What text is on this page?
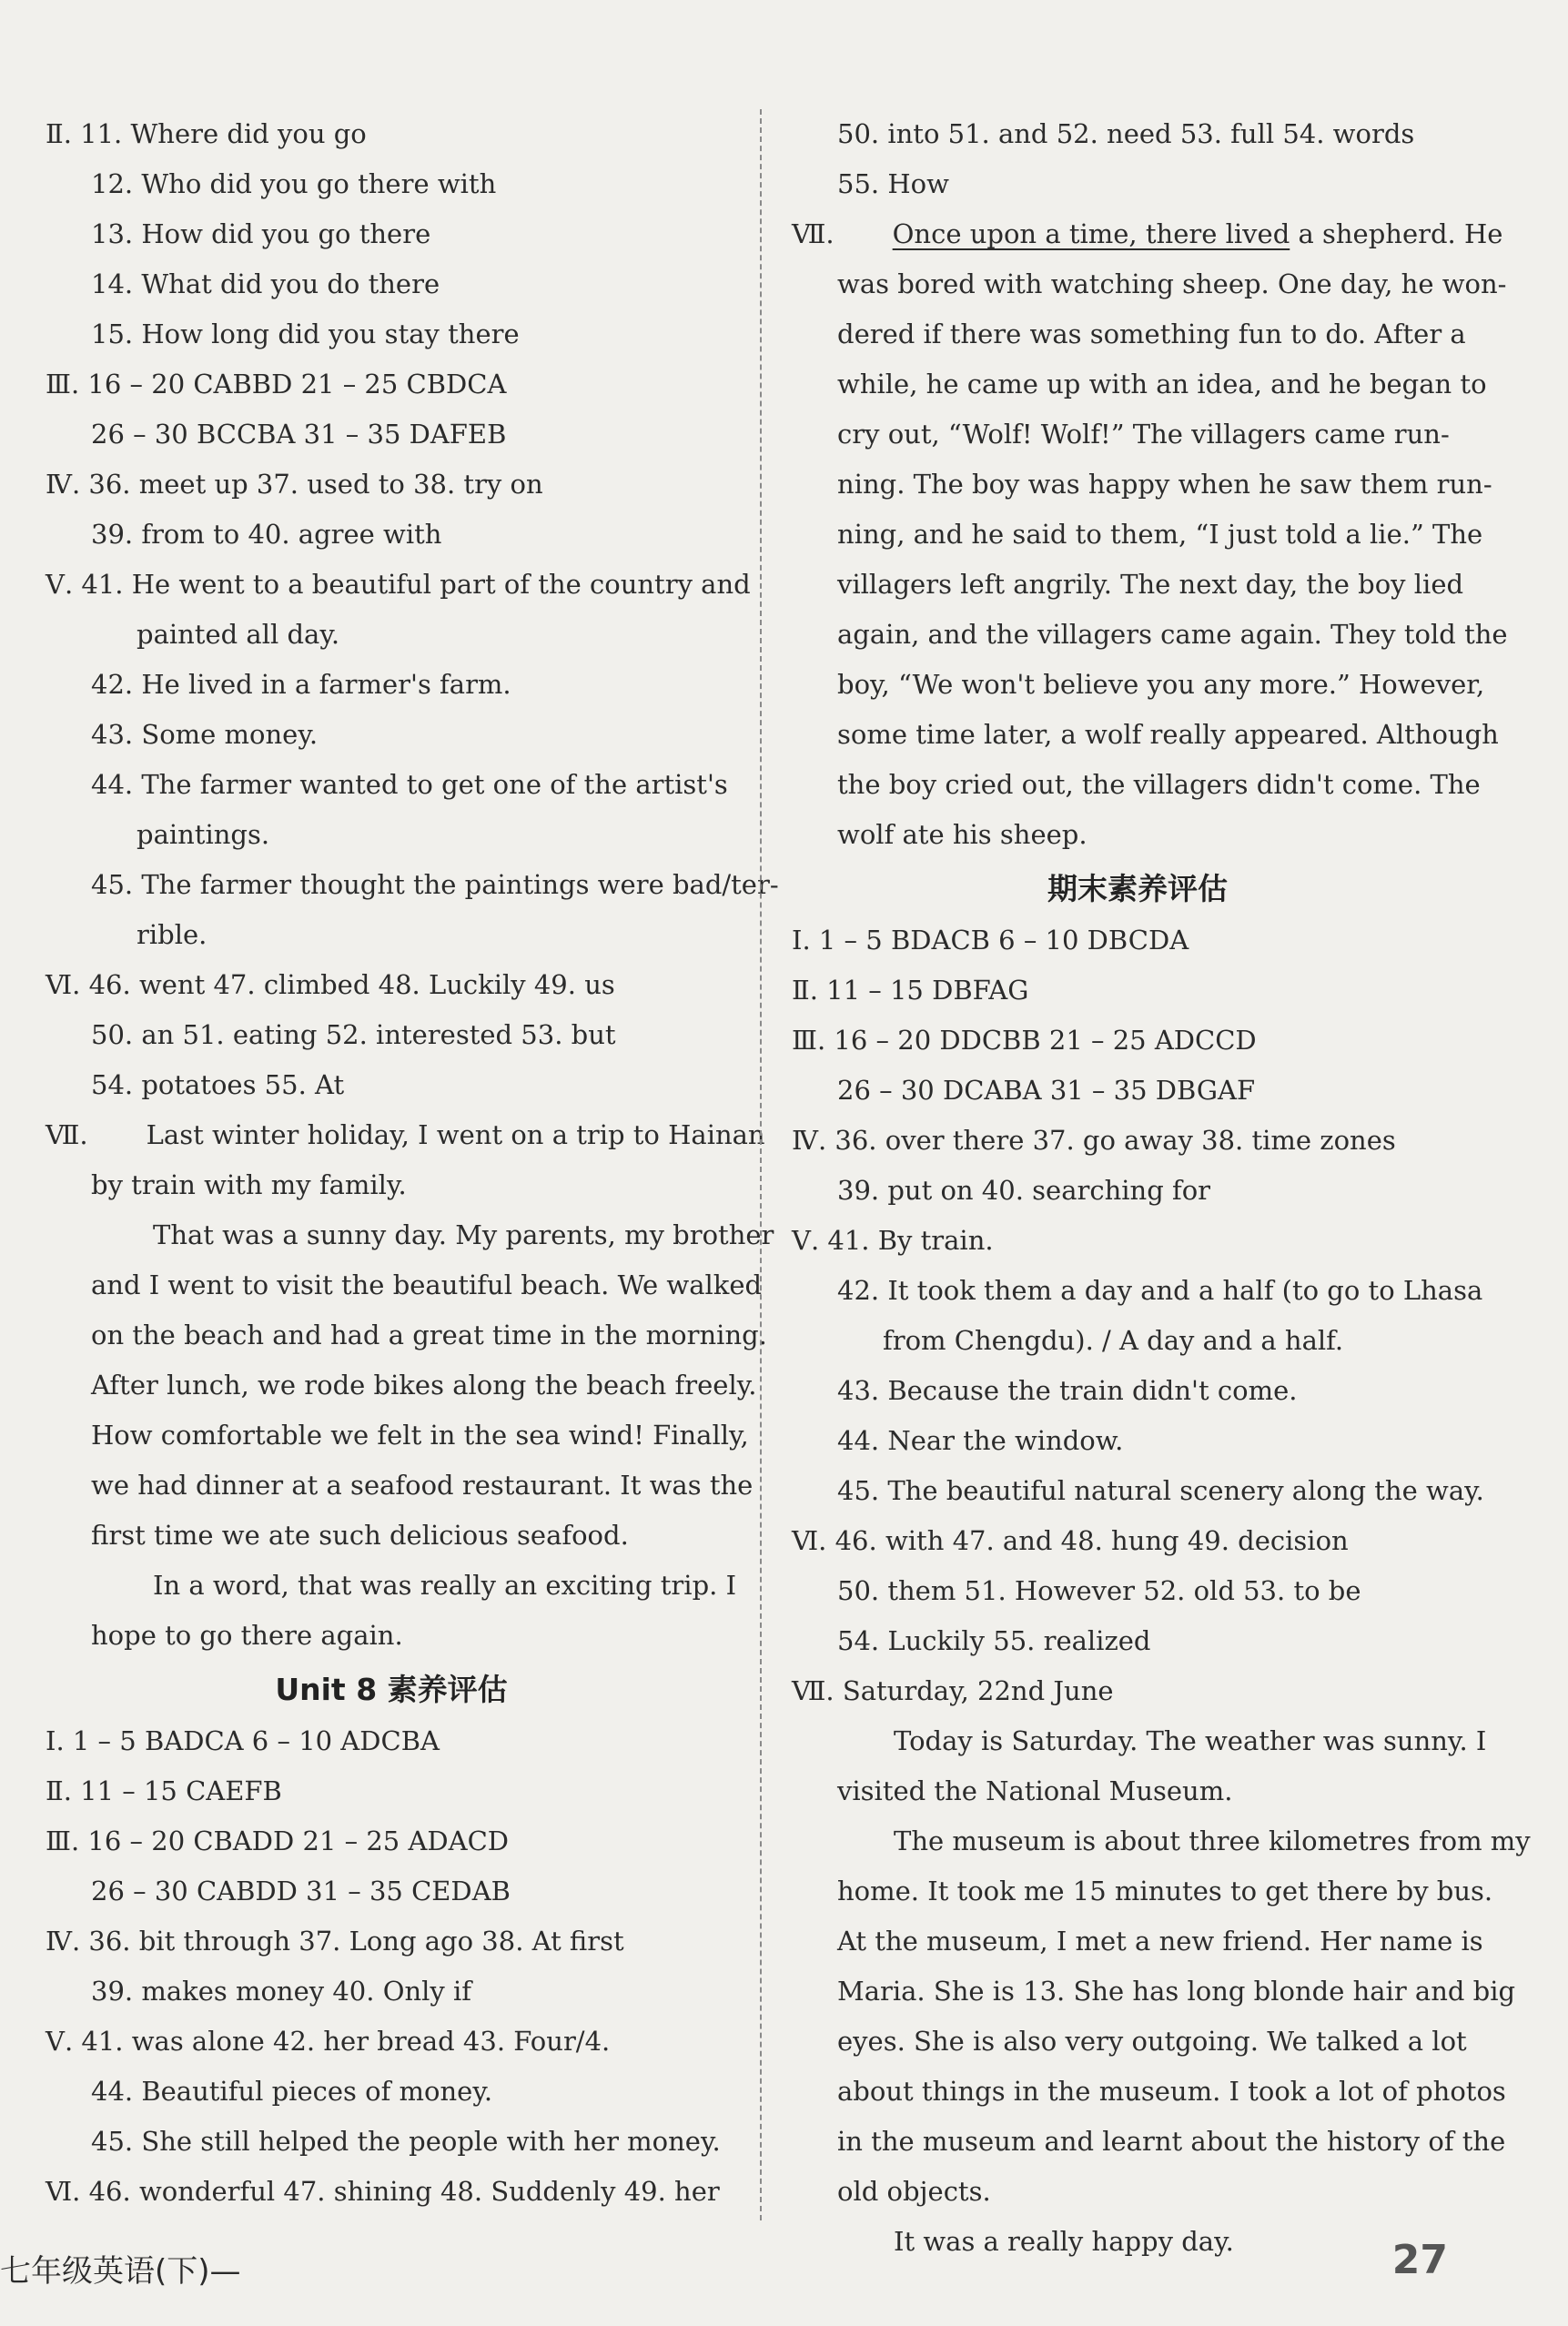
Ⅱ. 11. Where did you go
12. Who did you go there with
13. How did you go there
14. What did you do there
15. How long did you stay there
Ⅲ. 16 – 20 CABBD 21 – 25 CBDCA
26 – 30 BCCBA 31 – 35 DAFEB
Ⅳ. 36. meet up 37. used to 38. try on
39. from to 40. agree with
Ⅴ. 41. He went to a beautiful part of the country and
painted all day.
42. He lived in a farmer's farm.
43. Some money.
44. The farmer wanted to get one of the artist's
paintings.
45. The farmer thought the paintings were bad/ter-
rible.
Ⅵ. 46. went 47. climbed 48. Luckily 49. us
50. an 51. eating 52. interested 53. but
54. potatoes 55. At
Ⅶ. Last winter holiday, I went on a trip to Hainan
by train with my family.
That was a sunny day. My parents, my brother
and I went to visit the beautiful beach. We walked
on the beach and had a great time in the morning.
After lunch, we rode bikes along the beach freely.
How comfortable we felt in the sea wind! Finally,
we had dinner at a seafood restaurant. It was the
first time we ate such delicious seafood.
In a word, that was really an exciting trip. I
hope to go there again.
Unit 8 素养评估
Ⅰ. 1 – 5 BADCA 6 – 10 ADCBA
Ⅱ. 11 – 15 CAEFB
Ⅲ. 16 – 20 CBADD 21 – 25 ADACD
26 – 30 CABDD 31 – 35 CEDAB
Ⅳ. 36. bit through 37. Long ago 38. At first
39. makes money 40. Only if
Ⅴ. 41. was alone 42. her bread 43. Four/4.
44. Beautiful pieces of money.
45. She still helped the people with her money.
Ⅵ. 46. wonderful 47. shining 48. Suddenly 49. her
50. into 51. and 52. need 53. full 54. words
55. How
Ⅶ. Once upon a time, there lived a shepherd. He
was bored with watching sheep. One day, he won-
dered if there was something fun to do. After a
while, he came up with an idea, and he began to
cry out, “Wolf! Wolf!” The villagers came run-
ning. The boy was happy when he saw them run-
ning, and he said to them, “I just told a lie.” The
villagers left angrily. The next day, the boy lied
again, and the villagers came again. They told the
boy, “We won't believe you any more.” However,
some time later, a wolf really appeared. Although
the boy cried out, the villagers didn't come. The
wolf ate his sheep.
期末素养评估
Ⅰ. 1 – 5 BDACB 6 – 10 DBCDA
Ⅱ. 11 – 15 DBFAG
Ⅲ. 16 – 20 DDCBB 21 – 25 ADCCD
26 – 30 DCABA 31 – 35 DBGAF
Ⅳ. 36. over there 37. go away 38. time zones
39. put on 40. searching for
Ⅴ. 41. By train.
42. It took them a day and a half (to go to Lhasa
from Chengdu). / A day and a half.
43. Because the train didn't come.
44. Near the window.
45. The beautiful natural scenery along the way.
Ⅵ. 46. with 47. and 48. hung 49. decision
50. them 51. However 52. old 53. to be
54. Luckily 55. realized
Ⅶ. Saturday, 22nd June
Today is Saturday. The weather was sunny. I
visited the National Museum.
The museum is about three kilometres from my
home. It took me 15 minutes to get there by bus.
At the museum, I met a new friend. Her name is
Maria. She is 13. She has long blonde hair and big
eyes. She is also very outgoing. We talked a lot
about things in the museum. I took a lot of photos
in the museum and learnt about the history of the
old objects.
It was a really happy day.
七年级英语(下)—	27
